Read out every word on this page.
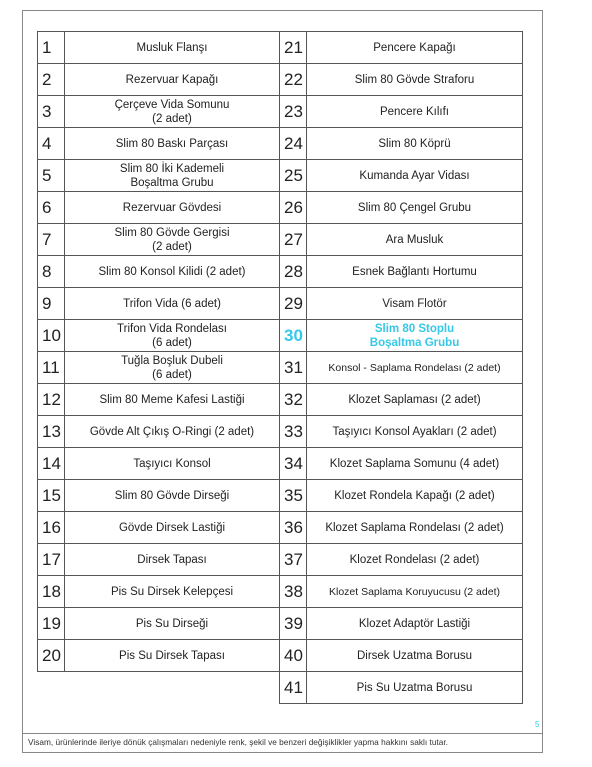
1	Musluk Flanşı
2	Rezervuar Kapağı
3	Çerçeve Vida Somunu
(2 adet)
4	Slim 80 Baskı Parçası
5	Slim 80 İki Kademeli
Boşaltma Grubu
6	Rezervuar Gövdesi
7	Slim 80 Gövde Gergisi
(2 adet)
8	Slim 80 Konsol Kilidi (2 adet)
9	Trifon Vida (6 adet)
10	Trifon Vida Rondelası
(6 adet)
11	Tuğla Boşluk Dubeli
(6 adet)
12	Slim 80 Meme Kafesi Lastiği
13	Gövde Alt Çıkış O-Ringi (2 adet)
14	Taşıyıcı Konsol
15	Slim 80 Gövde Dirseği
16	Gövde Dirsek Lastiği
17	Dirsek Tapası
18	Pis Su Dirsek Kelepçesi
19	Pis Su Dirseği
20	Pis Su Dirsek Tapası
21	Pencere Kapağı
22	Slim 80 Gövde Straforu
23	Pencere Kılıfı
24	Slim 80 Köprü
25	Kumanda Ayar Vidası
26	Slim 80 Çengel Grubu
27	Ara Musluk
28	Esnek Bağlantı Hortumu
29	Visam Flotör
30	Slim 80 Stoplu
Boşaltma Grubu
31	Konsol - Saplama Rondelası (2 adet)
32	Klozet Saplaması (2 adet)
33	Taşıyıcı Konsol Ayakları (2 adet)
34	Klozet Saplama Somunu (4 adet)
35	Klozet Rondela Kapağı (2 adet)
36	Klozet Saplama Rondelası (2 adet)
37	Klozet Rondelası (2 adet)
38	Klozet Saplama Koruyucusu (2 adet)
39	Klozet Adaptör Lastiği
40	Dirsek Uzatma Borusu
41	Pis Su Uzatma Borusu
5
Visam, ürünlerinde ileriye dönük çalışmaları nedeniyle renk, şekil ve benzeri değişiklikler yapma hakkını saklı tutar.
